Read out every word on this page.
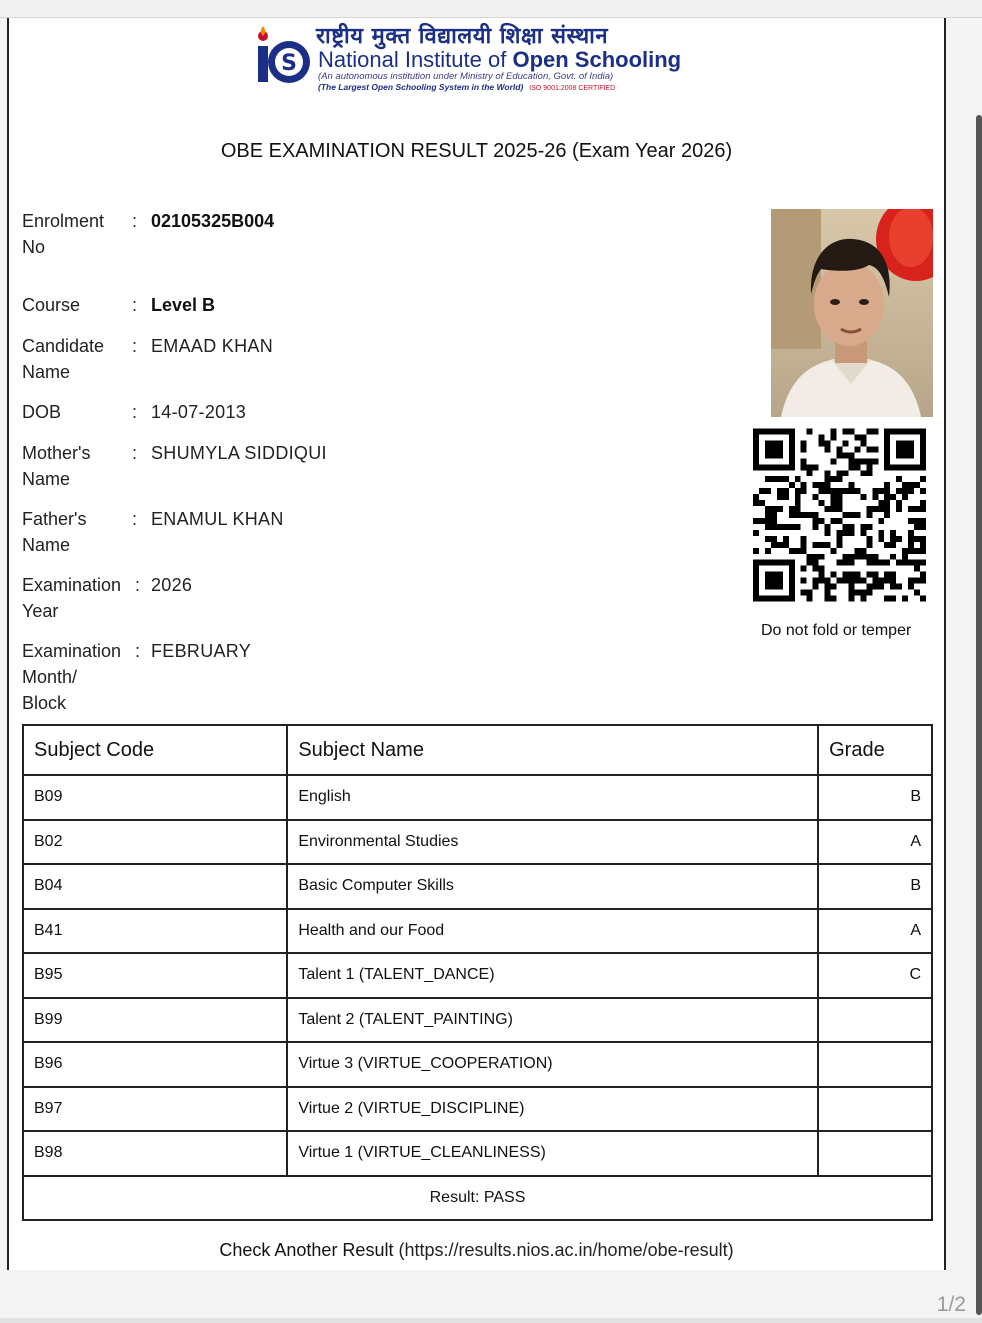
S
राष्ट्रीय मुक्त विद्यालयी शिक्षा संस्थान
National Institute of Open Schooling
(An autonomous institution under Ministry of Education, Govt. of India)
(The Largest Open Schooling System in the World) ISO 9001:2008 CERTIFIED
OBE EXAMINATION RESULT 2025-26 (Exam Year 2026)
Enrolment
No
: 02105325B004
Course	: Level B
Candidate
Name
: EMAAD KHAN
DOB	: 14-07-2013
Mother's
Name
: SHUMYLA SIDDIQUI
Father's
Name
: ENAMUL KHAN
Examination
Year
: 2026
Examination
Month/
Block
: FEBRUARY
Do not fold or temper
Subject Code	Subject Name	Grade
B09	English	B
B02	Environmental Studies	A
B04	Basic Computer Skills	B
B41	Health and our Food	A
B95	Talent 1 (TALENT_DANCE)	C
B99	Talent 2 (TALENT_PAINTING)	
B96	Virtue 3 (VIRTUE_COOPERATION)	
B97	Virtue 2 (VIRTUE_DISCIPLINE)	
B98	Virtue 1 (VIRTUE_CLEANLINESS)	
Result: PASS		
Check Another Result (https://results.nios.ac.in/home/obe-result)
1/2
